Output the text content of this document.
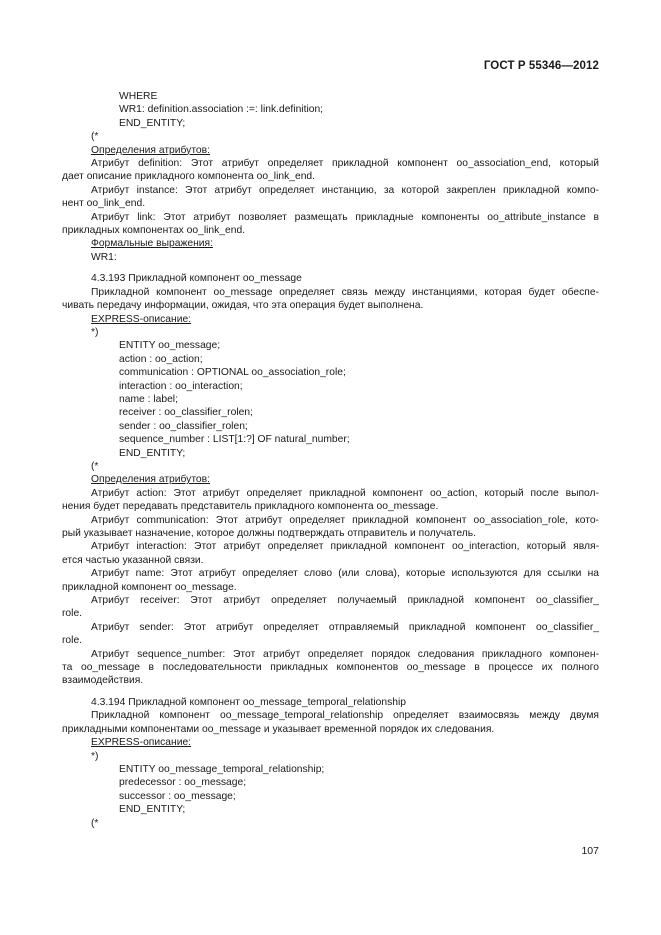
ГОСТ Р 55346—2012
WHERE
WR1: definition.association :=: link.definition;
END_ENTITY;
(*
Определения атрибутов:
Атрибут definition: Этот атрибут определяет прикладной компонент oo_association_end, который
дает описание прикладного компонента oo_link_end.
Атрибут instance: Этот атрибут определяет инстанцию, за которой закреплен прикладной компо-
нент oo_link_end.
Атрибут link: Этот атрибут позволяет размещать прикладные компоненты oo_attribute_instance в
прикладных компонентах oo_link_end.
Формальные выражения:
WR1:
4.3.193 Прикладной компонент oo_message
Прикладной компонент oo_message определяет связь между инстанциями, которая будет обеспе-
чивать передачу информации, ожидая, что эта операция будет выполнена.
EXPRESS-описание:
*)
ENTITY oo_message;
action : oo_action;
communication : OPTIONAL oo_association_role;
interaction : oo_interaction;
name : label;
receiver : oo_classifier_rolen;
sender : oo_classifier_rolen;
sequence_number : LIST[1:?] OF natural_number;
END_ENTITY;
(*
Определения атрибутов:
Атрибут action: Этот атрибут определяет прикладной компонент oo_action, который после выпол-
нения будет передавать представитель прикладного компонента oo_message.
Атрибут communication: Этот атрибут определяет прикладной компонент oo_association_role, кото-
рый указывает назначение, которое должны подтверждать отправитель и получатель.
Атрибут interaction: Этот атрибут определяет прикладной компонент oo_interaction, который явля-
ется частью указанной связи.
Атрибут name: Этот атрибут определяет слово (или слова), которые используются для ссылки на
прикладной компонент oo_message.
Атрибут receiver: Этот атрибут определяет получаемый прикладной компонент oo_classifier_
role.
Атрибут sender: Этот атрибут определяет отправляемый прикладной компонент oo_classifier_
role.
Атрибут sequence_number: Этот атрибут определяет порядок следования прикладного компонен-
та oo_message в последовательности прикладных компонентов oo_message в процессе их полного
взаимодействия.
4.3.194 Прикладной компонент oo_message_temporal_relationship
Прикладной компонент oo_message_temporal_relationship определяет взаимосвязь между двумя
прикладными компонентами oo_message и указывает временной порядок их следования.
EXPRESS-описание:
*)
ENTITY oo_message_temporal_relationship;
predecessor : oo_message;
successor : oo_message;
END_ENTITY;
(*
107
